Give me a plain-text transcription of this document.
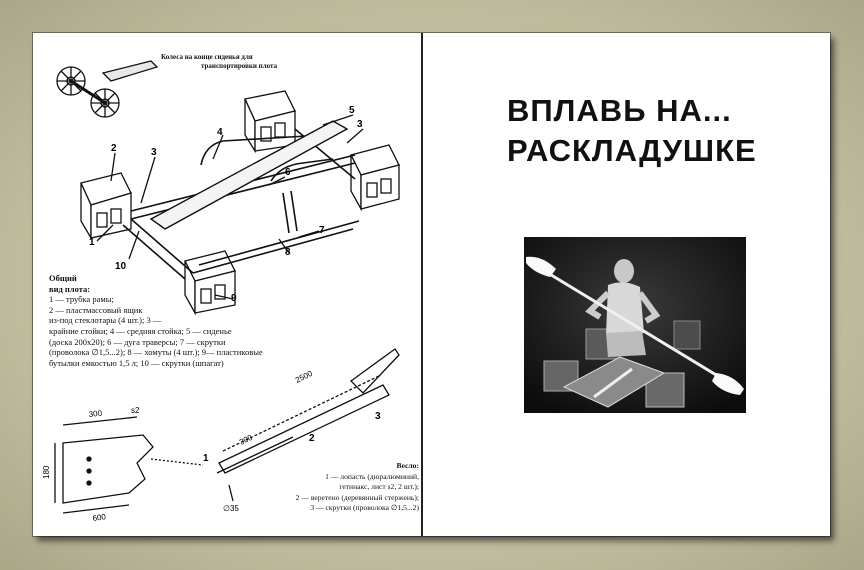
2	3
4
5
3
6
7
8
9
1
10
300	s2
180
600
2500
300
∅35
1
2
3
Колеса на конце сиденья для
транспортировки плота
Общий
вид плота:
1 — трубка рамы;
2 — пластмассовый ящик
из-под стеклотары (4 шт.); 3 —
крайние стойки; 4 — средняя стойка; 5 — сиденье
(доска 200х20); 6 — дуга траверсы; 7 — скрутки
(проволока ∅1,5...2); 8 — хомуты (4 шт.); 9— пластиковые
бутылки емкостью 1,5 л; 10 — скрутки (шпагат)
Весло:
1 — лопасть (дюралюминий,
гетинакс, лист s2, 2 шт.);
2 — веретено (деревянный стержень);
3 — скрутки (проволока ∅1,5...2)
ВПЛАВЬ НА...
РАСКЛАДУШКЕ
